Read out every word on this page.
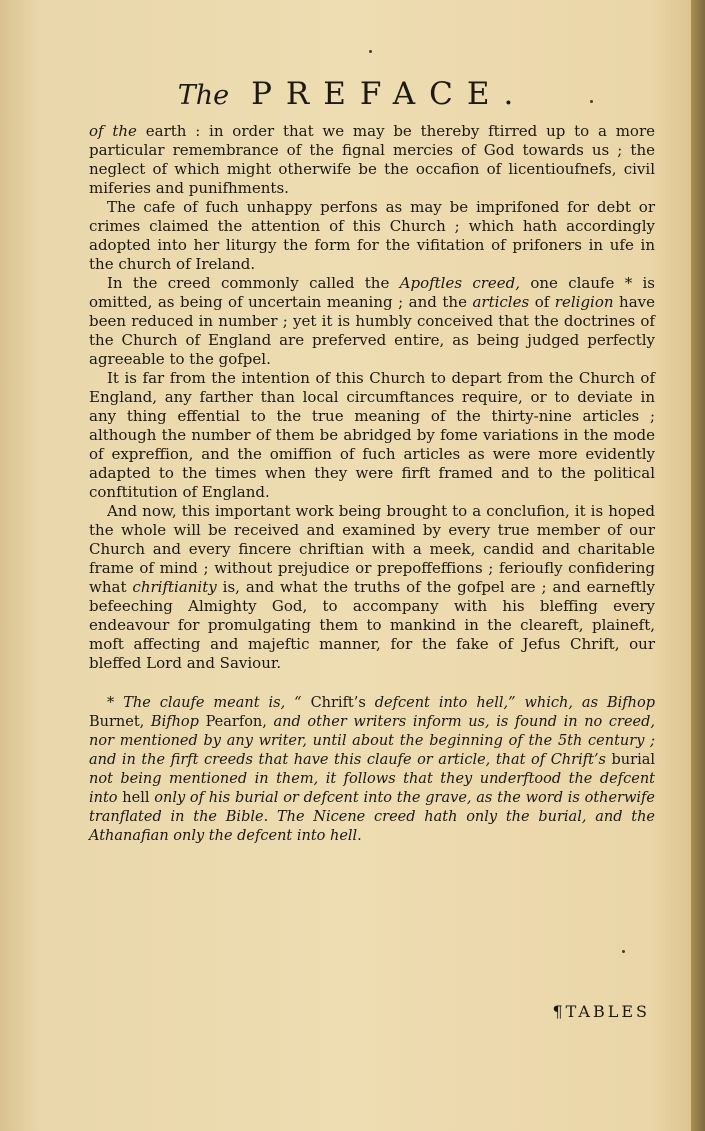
The PREFACE.

of the earth : in order that we may be thereby ftirred up to a more particular remembrance of the fignal mercies of God towards us ; the neglect of which might otherwife be the occafion of licentioufnefs, civil miferies and punifhments.

The cafe of fuch unhappy perfons as may be imprifoned for debt or crimes claimed the attention of this Church ; which hath accordingly adopted into her liturgy the form for the vifitation of prifoners in ufe in the church of Ireland.

In the creed commonly called the Apoftles creed, one claufe * is omitted, as being of uncertain meaning ; and the articles of religion have been reduced in number ; yet it is humbly conceived that the doctrines of the Church of England are preferved entire, as being judged perfectly agreeable to the gofpel.

It is far from the intention of this Church to depart from the Church of England, any farther than local circumftances require, or to deviate in any thing effential to the true meaning of the thirty-nine articles ; although the number of them be abridged by fome variations in the mode of expreffion, and the omiffion of fuch articles as were more evidently adapted to the times when they were firft framed and to the political conftitution of England.

And now, this important work being brought to a conclufion, it is hoped the whole will be received and examined by every true member of our Church and every fincere chriftian with a meek, candid and charitable frame of mind ; without prejudice or prepoffeffions ; ferioufly confidering what chriftianity is, and what the truths of the gofpel are ; and earneftly befeeching Almighty God, to accompany with his bleffing every endeavour for promulgating them to mankind in the cleareft, plaineft, moft affecting and majeftic manner, for the fake of Jefus Chrift, our bleffed Lord and Saviour.

* The claufe meant is, “ Chrift’s defcent into hell,” which, as Bifhop Burnet, Bifhop Pearfon, and other writers inform us, is found in no creed, nor mentioned by any writer, until about the beginning of the 5th century ; and in the firft creeds that have this claufe or article, that of Chrift’s burial not being mentioned in them, it follows that they underftood the defcent into hell only of his burial or defcent into the grave, as the word is otherwife tranflated in the Bible. The Nicene creed hath only the burial, and the Athanafian only the defcent into hell.

¶TABLES
